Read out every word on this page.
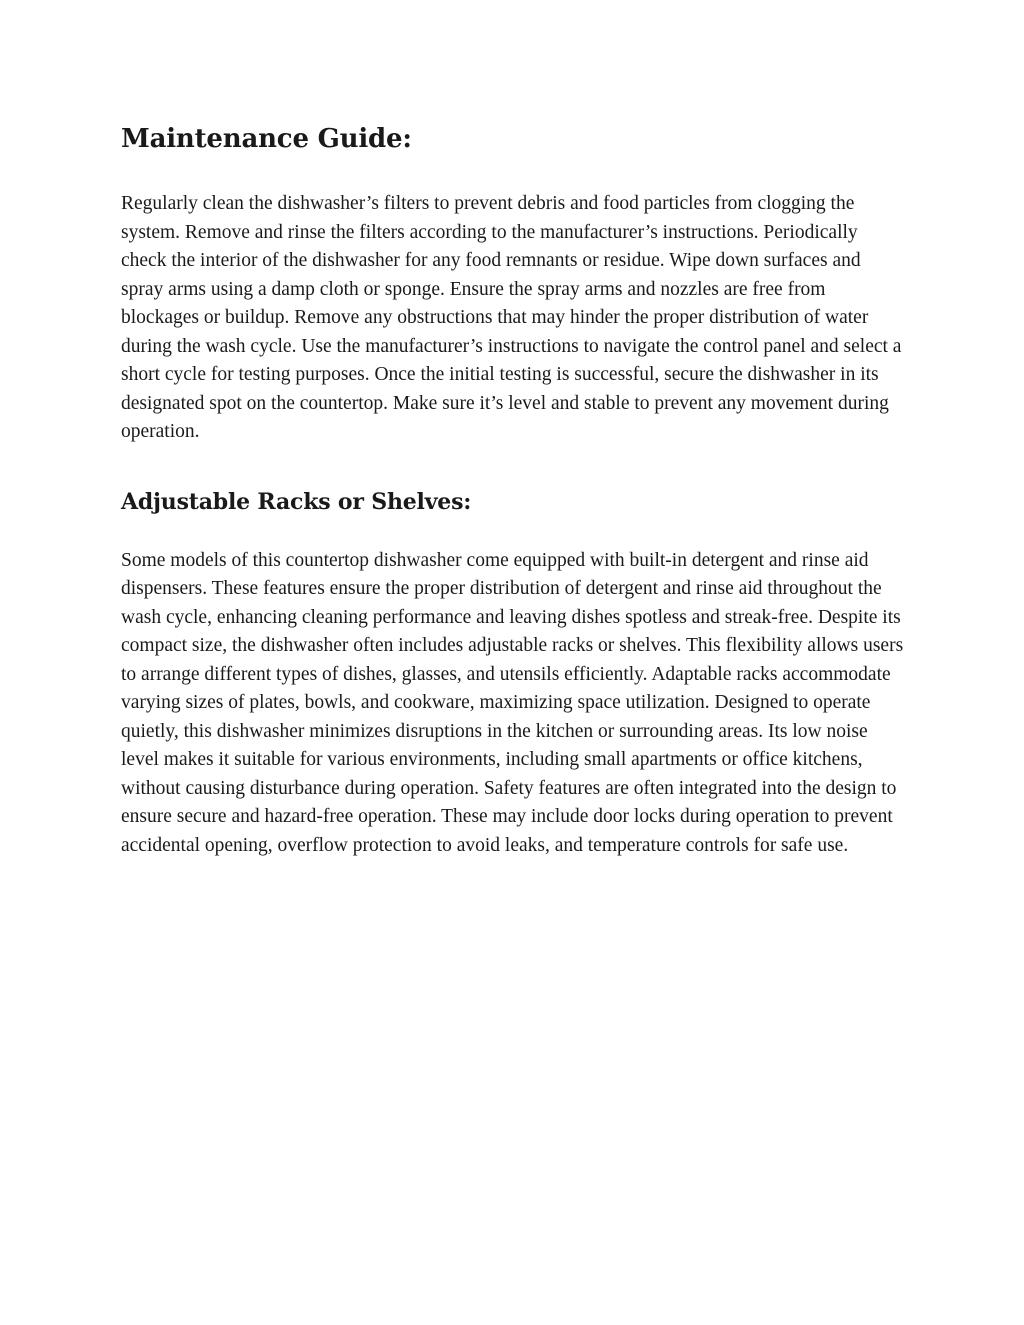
Maintenance Guide:

Regularly clean the dishwasher’s filters to prevent debris and food particles from clogging the system. Remove and rinse the filters according to the manufacturer’s instructions. Periodically check the interior of the dishwasher for any food remnants or residue. Wipe down surfaces and spray arms using a damp cloth or sponge. Ensure the spray arms and nozzles are free from blockages or buildup. Remove any obstructions that may hinder the proper distribution of water during the wash cycle. Use the manufacturer’s instructions to navigate the control panel and select a short cycle for testing purposes. Once the initial testing is successful, secure the dishwasher in its designated spot on the countertop. Make sure it’s level and stable to prevent any movement during operation.

Adjustable Racks or Shelves:

Some models of this countertop dishwasher come equipped with built-in detergent and rinse aid dispensers. These features ensure the proper distribution of detergent and rinse aid throughout the wash cycle, enhancing cleaning performance and leaving dishes spotless and streak-free. Despite its compact size, the dishwasher often includes adjustable racks or shelves. This flexibility allows users to arrange different types of dishes, glasses, and utensils efficiently. Adaptable racks accommodate varying sizes of plates, bowls, and cookware, maximizing space utilization. Designed to operate quietly, this dishwasher minimizes disruptions in the kitchen or surrounding areas. Its low noise level makes it suitable for various environments, including small apartments or office kitchens, without causing disturbance during operation. Safety features are often integrated into the design to ensure secure and hazard-free operation. These may include door locks during operation to prevent accidental opening, overflow protection to avoid leaks, and temperature controls for safe use.
